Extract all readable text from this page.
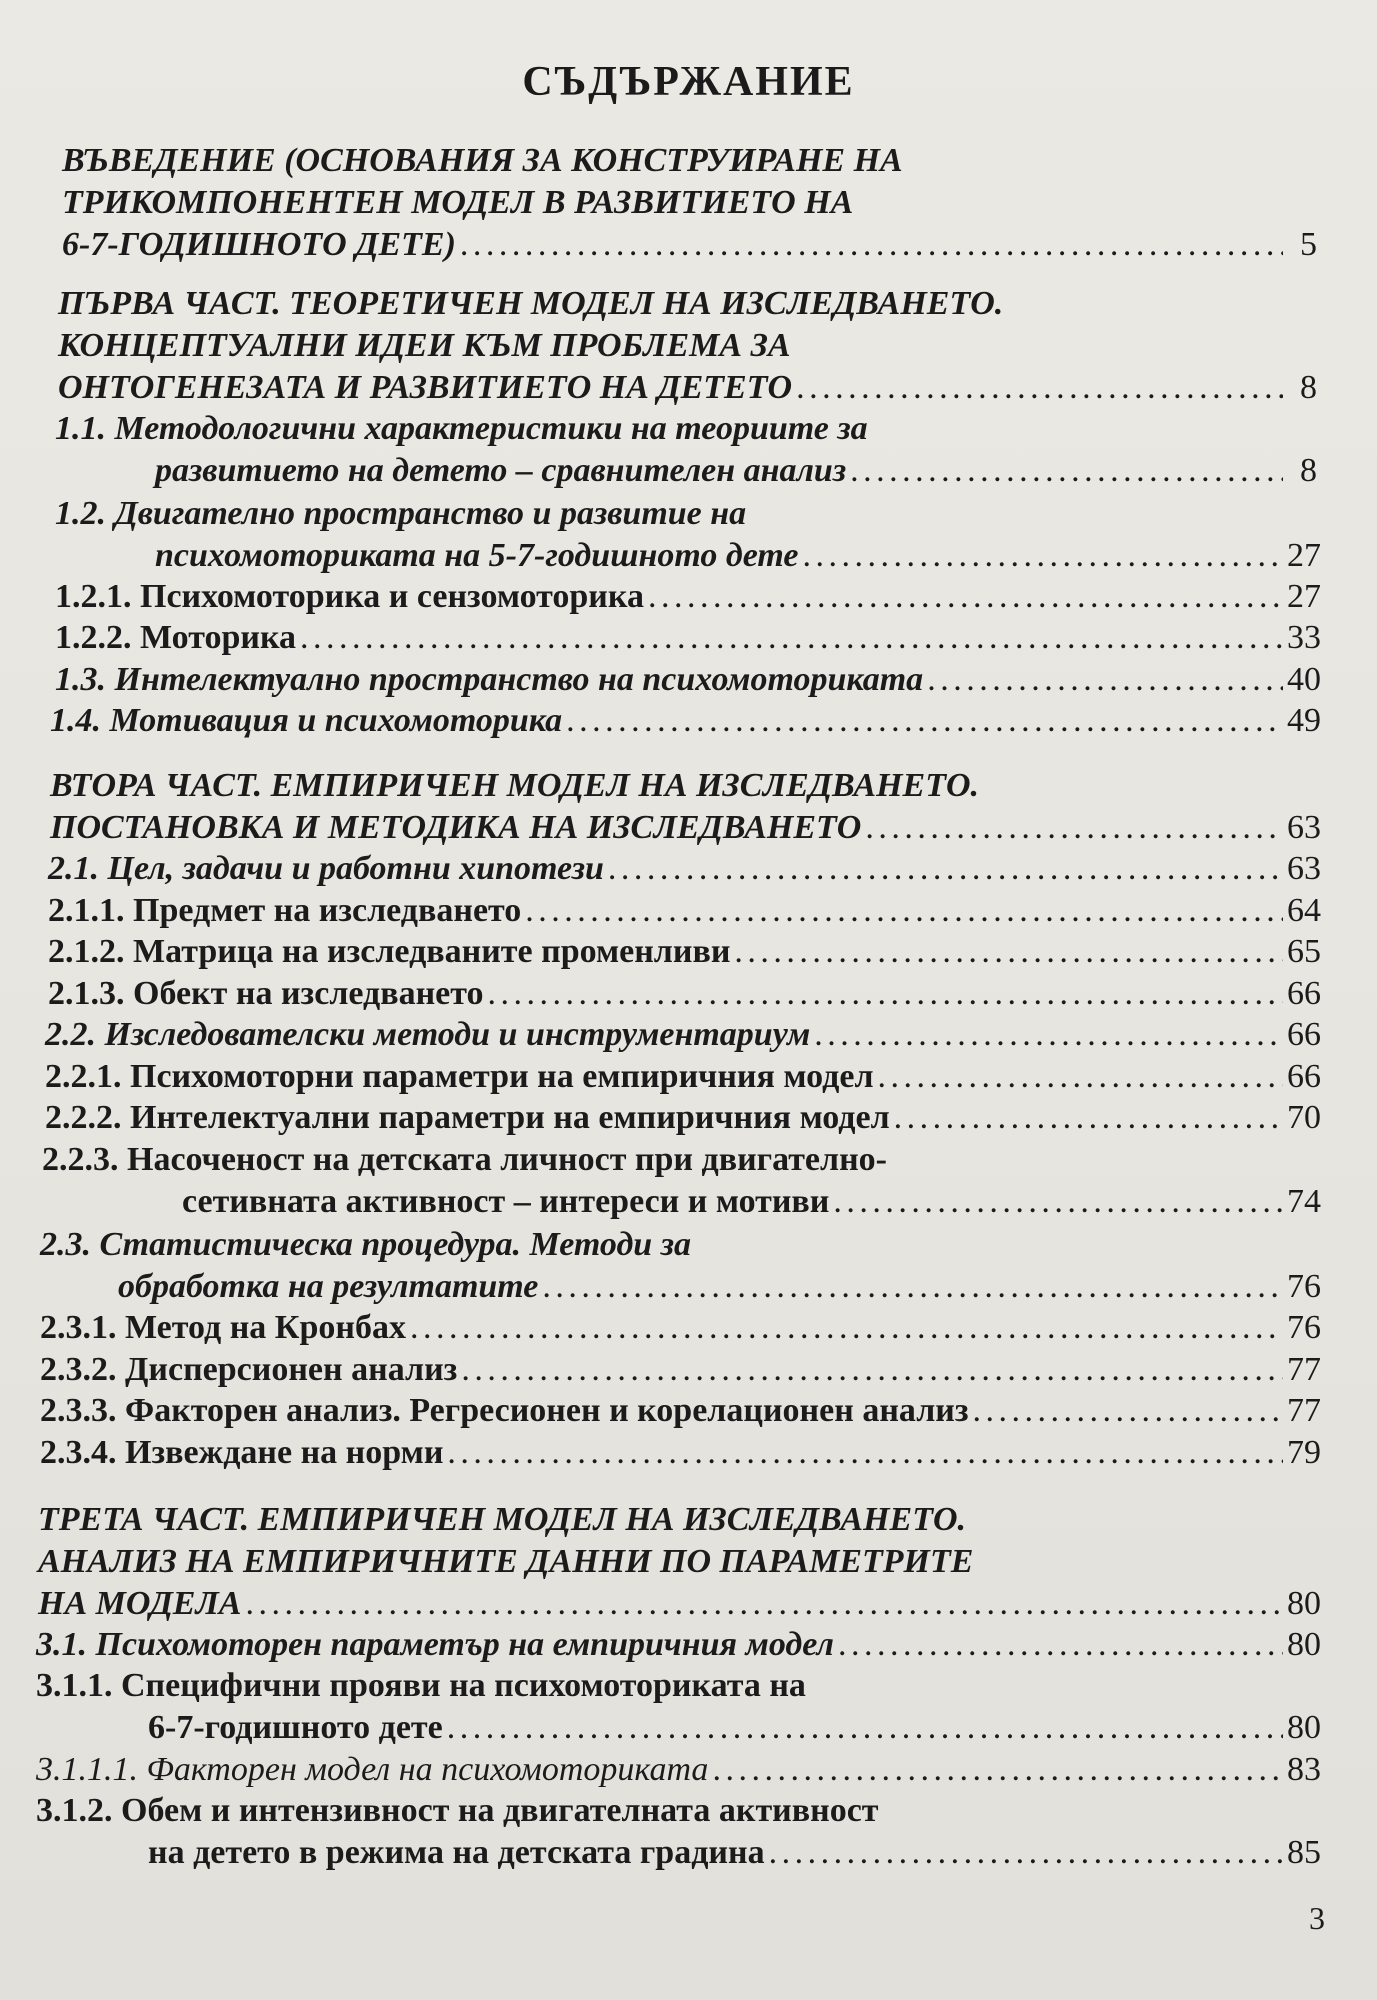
СЪДЪРЖАНИЕ
ВЪВЕДЕНИЕ (ОСНОВАНИЯ ЗА КОНСТРУИРАНЕ НА
ТРИКОМПОНЕНТЕН МОДЕЛ В РАЗВИТИЕТО НА
6-7-ГОДИШНОТО ДЕТЕ) . . .	5
ПЪРВА ЧАСТ. ТЕОРЕТИЧЕН МОДЕЛ НА ИЗСЛЕДВАНЕТО.
КОНЦЕПТУАЛНИ ИДЕИ КЪМ ПРОБЛЕМА ЗА
ОНТОГЕНЕЗАТА И РАЗВИТИЕТО НА ДЕТЕТО . . .	8
1.1. Методологични характеристики на теориите за
развитието на детето – сравнителен анализ . . .	8
1.2. Двигателно пространство и развитие на
психомоториката на 5-7-годишното дете . . .	27
1.2.1. Психомоторика и сензомоторика . . .	27
1.2.2. Моторика . . .	33
1.3. Интелектуално пространство на психомоториката . . .	40
1.4. Мотивация и психомоторика . . .	49
ВТОРА ЧАСТ. ЕМПИРИЧЕН МОДЕЛ НА ИЗСЛЕДВАНЕТО.
ПОСТАНОВКА И МЕТОДИКА НА ИЗСЛЕДВАНЕТО . . .	63
2.1. Цел, задачи и работни хипотези . . .	63
2.1.1. Предмет на изследването . . .	64
2.1.2. Матрица на изследваните променливи . . .	65
2.1.3. Обект на изследването . . .	66
2.2. Изследователски методи и инструментариум . . .	66
2.2.1. Психомоторни параметри на емпиричния модел . . .	66
2.2.2. Интелектуални параметри на емпиричния модел . . .	70
2.2.3. Насоченост на детската личност при двигателно-
сетивната активност – интереси и мотиви . . .	74
2.3. Статистическа процедура. Методи за
обработка на резултатите . . .	76
2.3.1. Метод на Кронбах . . .	76
2.3.2. Дисперсионен анализ . . .	77
2.3.3. Факторен анализ. Регресионен и корелационен анализ . . .	77
2.3.4. Извеждане на норми . . .	79
ТРЕТА ЧАСТ. ЕМПИРИЧЕН МОДЕЛ НА ИЗСЛЕДВАНЕТО.
АНАЛИЗ НА ЕМПИРИЧНИТЕ ДАННИ ПО ПАРАМЕТРИТЕ
НА МОДЕЛА . . .	80
3.1. Психомоторен параметър на емпиричния модел . . .	80
3.1.1. Специфични прояви на психомоториката на
6-7-годишното дете . . .	80
3.1.1.1. Факторен модел на психомоториката . . .	83
3.1.2. Обем и интензивност на двигателната активност
на детето в режима на детската градина . . .	85
3
